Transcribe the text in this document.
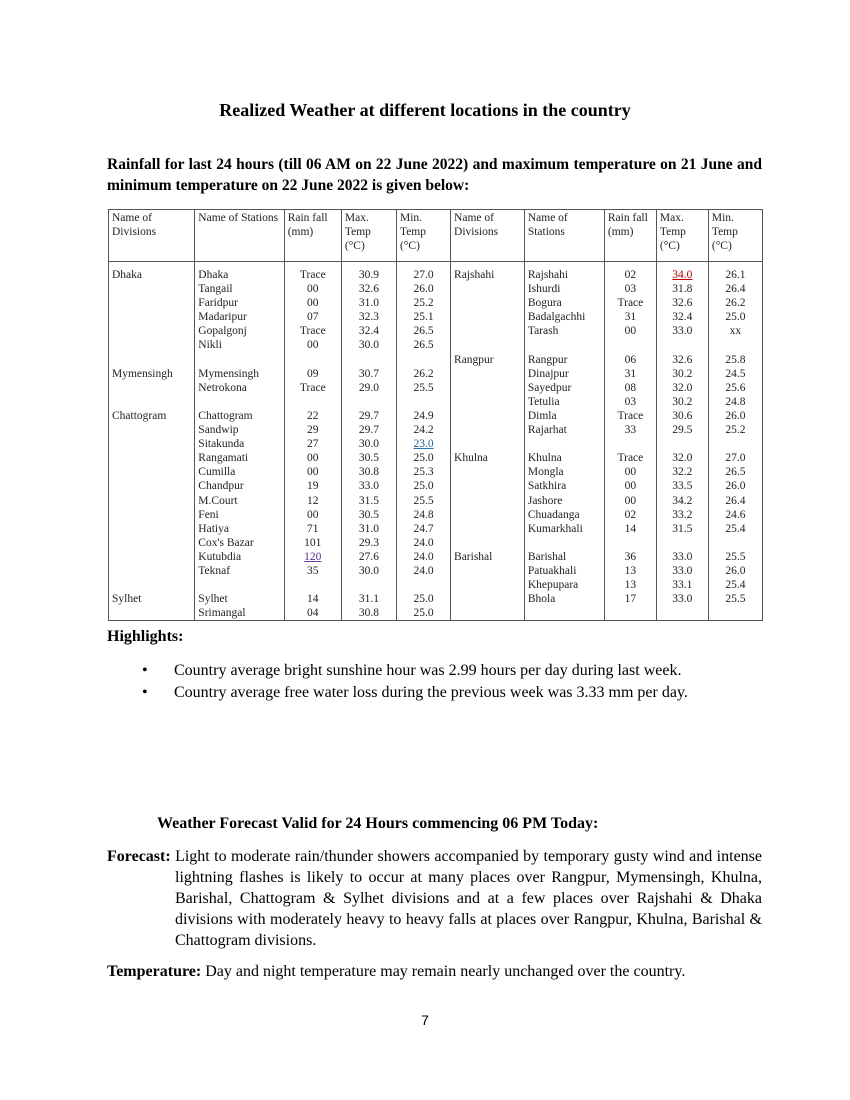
Realized Weather at different locations in the country
Rainfall for last 24 hours (till 06 AM on 22 June 2022) and maximum temperature on 21 June and minimum temperature on 22 June 2022 is given below:
Name of Divisions	Name of Stations	Rain fall (mm)	Max. Temp (°C)	Min. Temp (°C)	Name of Divisions	Name of Stations	Rain fall (mm)	Max. Temp (°C)	Min. Temp (°C)

Dhaka	Dhaka	Trace	30.9	27.0	Rajshahi	Rajshahi	02	34.0	26.1
	Tangail	00	32.6	26.0		Ishurdi	03	31.8	26.4
	Faridpur	00	31.0	25.2		Bogura	Trace	32.6	26.2
	Madaripur	07	32.3	25.1		Badalgachhi	31	32.4	25.0
	Gopalgonj	Trace	32.4	26.5		Tarash	00	33.0	xx
	Nikli	00	30.0	26.5					
					Rangpur	Rangpur	06	32.6	25.8
Mymensingh	Mymensingh	09	30.7	26.2		Dinajpur	31	30.2	24.5
	Netrokona	Trace	29.0	25.5		Sayedpur	08	32.0	25.6
						Tetulia	03	30.2	24.8
Chattogram	Chattogram	22	29.7	24.9		Dimla	Trace	30.6	26.0
	Sandwip	29	29.7	24.2		Rajarhat	33	29.5	25.2
	Sitakunda	27	30.0	23.0					
	Rangamati	00	30.5	25.0	Khulna	Khulna	Trace	32.0	27.0
	Cumilla	00	30.8	25.3		Mongla	00	32.2	26.5
	Chandpur	19	33.0	25.0		Satkhira	00	33.5	26.0
	M.Court	12	31.5	25.5		Jashore	00	34.2	26.4
	Feni	00	30.5	24.8		Chuadanga	02	33.2	24.6
	Hatiya	71	31.0	24.7		Kumarkhali	14	31.5	25.4
	Cox's Bazar	101	29.3	24.0					
	Kutubdia	120	27.6	24.0	Barishal	Barishal	36	33.0	25.5
	Teknaf	35	30.0	24.0		Patuakhali	13	33.0	26.0
						Khepupara	13	33.1	25.4
Sylhet	Sylhet	14	31.1	25.0		Bhola	17	33.0	25.5
	Srimangal	04	30.8	25.0					
Highlights:
• Country average bright sunshine hour was 2.99 hours per day during last week.
• Country average free water loss during the previous week was 3.33 mm per day.
Weather Forecast Valid for 24 Hours commencing 06 PM Today:
Forecast: Light to moderate rain/thunder showers accompanied by temporary gusty wind and intense lightning flashes is likely to occur at many places over Rangpur, Mymensingh, Khulna, Barishal, Chattogram & Sylhet divisions and at a few places over Rajshahi & Dhaka divisions with moderately heavy to heavy falls at places over Rangpur, Khulna, Barishal & Chattogram divisions.
Temperature: Day and night temperature may remain nearly unchanged over the country.
7
